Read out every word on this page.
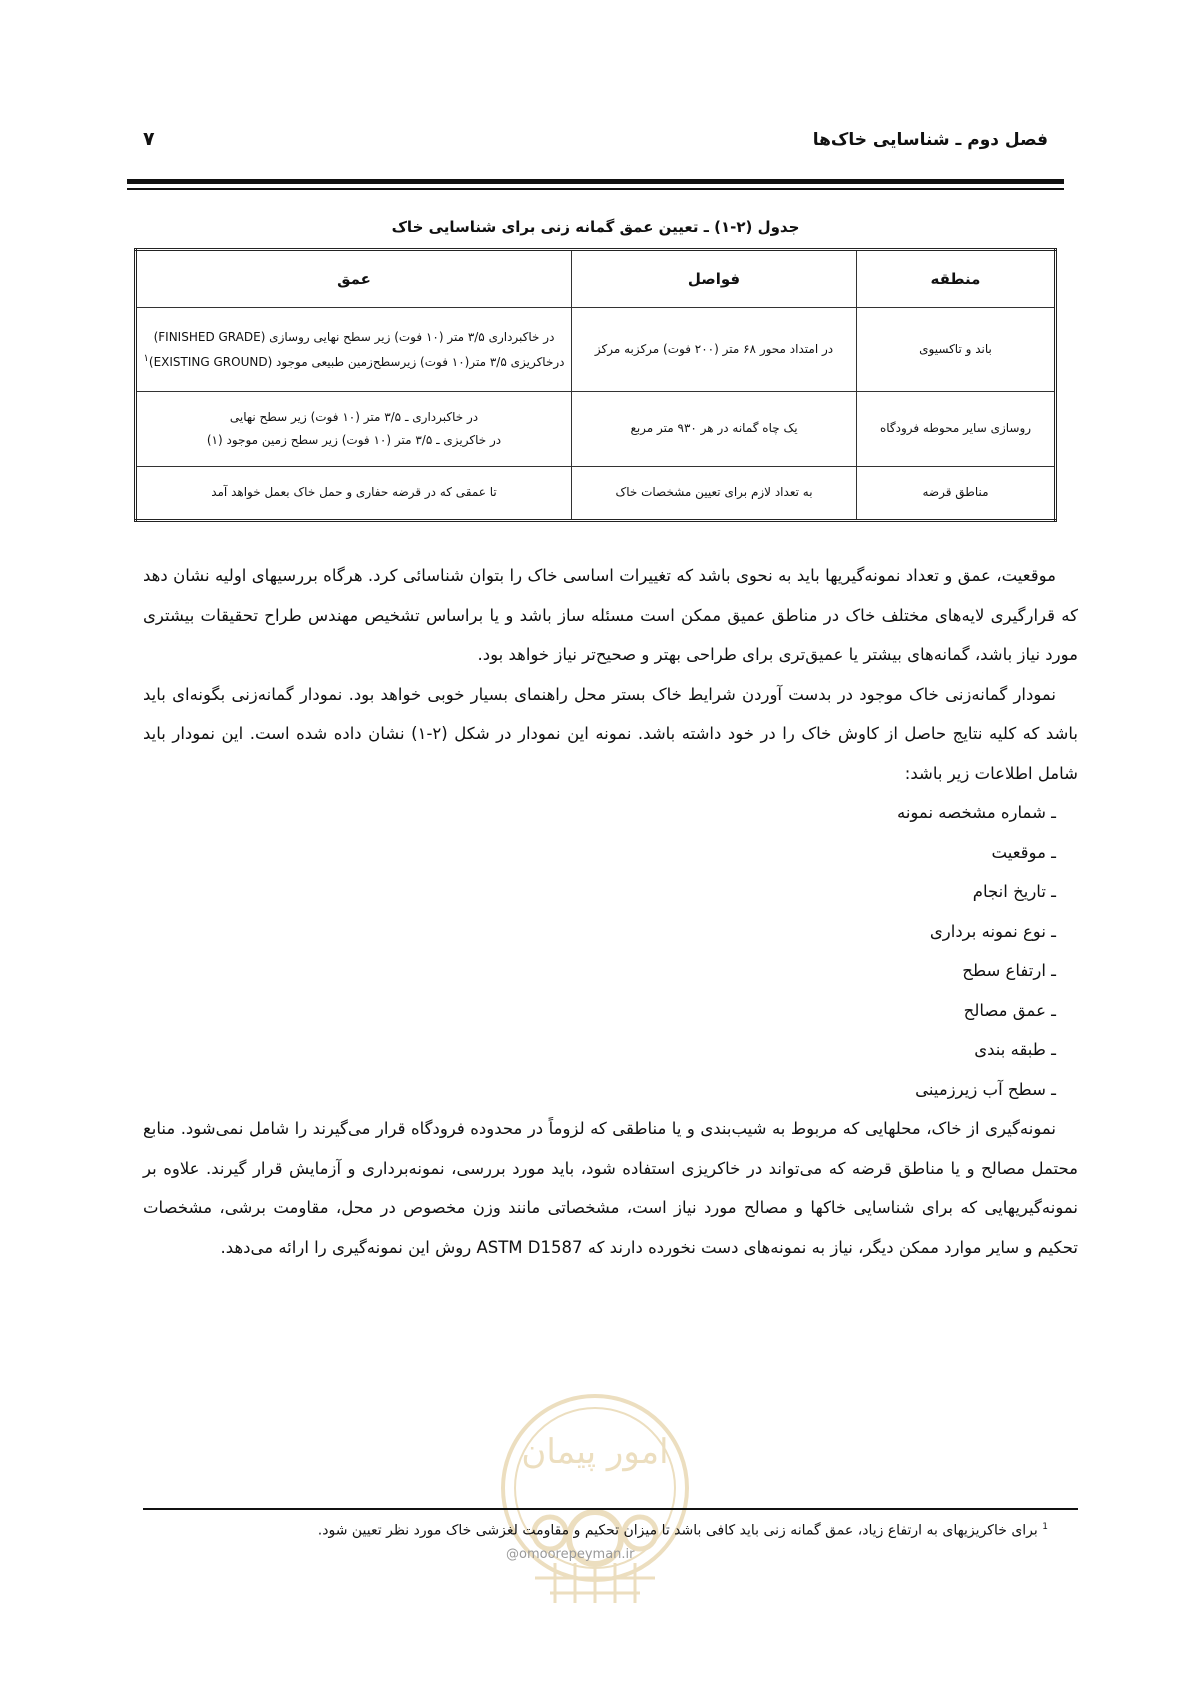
فصل دوم ـ شناسایی خاک‌ها
۷
جدول (۲-۱) ـ تعیین عمق گمانه زنی برای شناسایی خاک
منطقه	فواصل	عمق
باند و تاکسیوی	در امتداد محور ۶۸ متر (۲۰۰ فوت) مرکزبه مرکز	در خاکبرداری ۳/۵ متر (۱۰ فوت) زیر سطح نهایی روسازی (FINISHED GRADE)
درخاکریزی ۳/۵ متر(۱۰ فوت) زیرسطح‌زمین طبیعی موجود (EXISTING GROUND)$^۱$

روسازی سایر محوطه فرودگاه	یک چاه گمانه در هر ۹۳۰ متر مربع	در خاکبرداری ـ ۳/۵ متر (۱۰ فوت) زیر سطح نهایی
در خاکریزی ـ ۳/۵ متر (۱۰ فوت) زیر سطح زمین موجود (۱)

مناطق قرضه	به تعداد لازم برای تعیین مشخصات خاک	تا عمقی که در قرضه حفاری و حمل خاک بعمل خواهد آمد

موقعیت، عمق و تعداد نمونه‌گیریها باید به نحوی باشد که تغییرات اساسی خاک را بتوان شناسائی کرد. هرگاه بررسیهای اولیه نشان دهد که قرارگیری لایه‌های مختلف خاک در مناطق عمیق ممکن است مسئله ساز باشد و یا براساس تشخیص مهندس طراح تحقیقات بیشتری مورد نیاز باشد، گمانه‌های بیشتر یا عمیق‌تری برای طراحی بهتر و صحیح‌تر نیاز خواهد بود.

نمودار گمانه‌زنی خاک موجود در بدست آوردن شرایط خاک بستر محل راهنمای بسیار خوبی خواهد بود. نمودار گمانه‌زنی بگونه‌ای باید باشد که کلیه نتایج حاصل از کاوش خاک را در خود داشته باشد. نمونه این نمودار در شکل (۲-۱) نشان داده شده است. این نمودار باید شامل اطلاعات زیر باشد:

ـ شماره مشخصه نمونه
ـ موقعیت
ـ تاریخ انجام
ـ نوع نمونه برداری
ـ ارتفاع سطح
ـ عمق مصالح
ـ طبقه بندی
ـ سطح آب زیرزمینی

نمونه‌گیری از خاک، محلهایی که مربوط به شیب‌بندی و یا مناطقی که لزوماً در محدوده فرودگاه قرار می‌گیرند را شامل نمی‌شود. منابع محتمل مصالح و یا مناطق قرضه که می‌تواند در خاکریزی استفاده شود، باید مورد بررسی، نمونه‌برداری و آزمایش قرار گیرند. علاوه بر نمونه‌گیریهایی که برای شناسایی خاکها و مصالح مورد نیاز است، مشخصاتی مانند وزن مخصوص در محل، مقاومت برشی، مشخصات تحکیم و سایر موارد ممکن دیگر، نیاز به نمونه‌های دست نخورده دارند که ASTM D1587 روش این نمونه‌گیری را ارائه می‌دهد.

امور پیمان
$^1$ برای خاکریزیهای به ارتفاع زیاد، عمق گمانه زنی باید کافی باشد تا میزان تحکیم و مقاومت لغزشی خاک مورد نظر تعیین شود.
@omoorepeyman.ir
